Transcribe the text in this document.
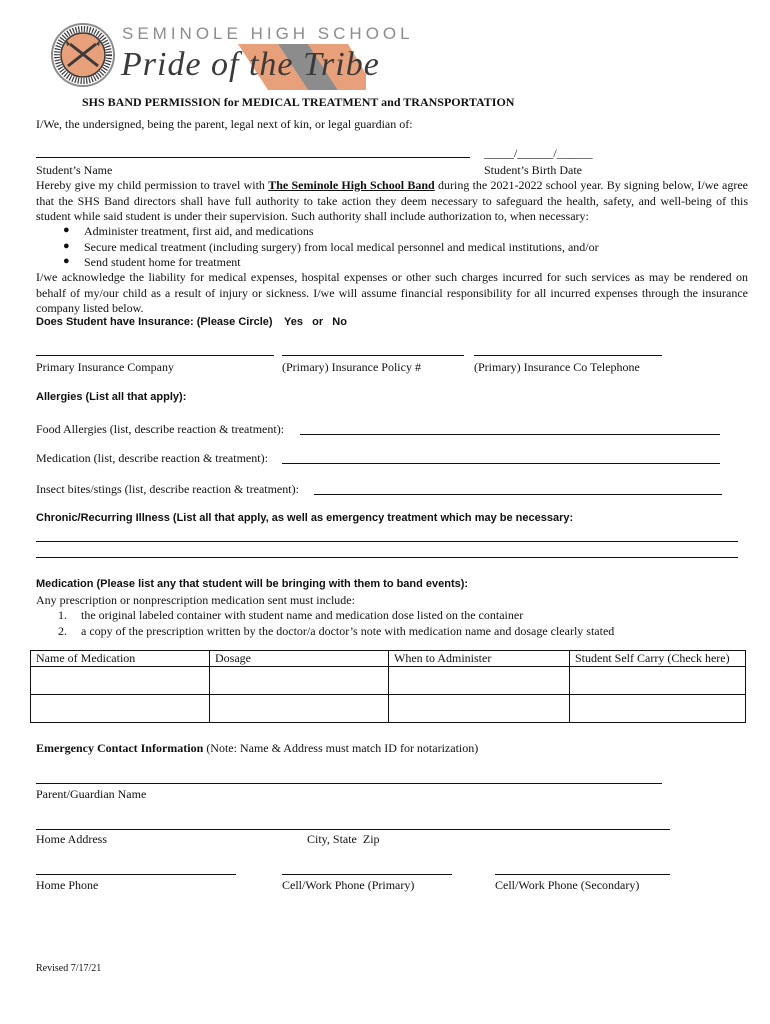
SEMINOLE HIGH SCHOOL
Pride of the Tribe
SHS BAND PERMISSION for MEDICAL TREATMENT and TRANSPORTATION
I/We, the undersigned, being the parent, legal next of kin, or legal guardian of:
_____/______/______
Student’s Name	Student’s Birth Date
Hereby give my child permission to travel with The Seminole High School Band during the 2021-2022 school year. By signing below, I/we agree that the SHS Band directors shall have full authority to take action they deem necessary to safeguard the health, safety, and well-being of this student while said student is under their supervision. Such authority shall include authorization to, when necessary:
● Administer treatment, first aid, and medications
● Secure medical treatment (including surgery) from local medical personnel and medical institutions, and/or
● Send student home for treatment
I/we acknowledge the liability for medical expenses, hospital expenses or other such charges incurred for such services as may be rendered on behalf of my/our child as a result of injury or sickness. I/we will assume financial responsibility for all incurred expenses through the insurance company listed below.
Does Student have Insurance: (Please Circle) Yes   or   No
Primary Insurance Company	(Primary) Insurance Policy #	(Primary) Insurance Co Telephone
Allergies (List all that apply):
Food Allergies (list, describe reaction & treatment):
Medication (list, describe reaction & treatment):
Insect bites/stings (list, describe reaction & treatment):
Chronic/Recurring Illness (List all that apply, as well as emergency treatment which may be necessary:
Medication (Please list any that student will be bringing with them to band events):
Any prescription or nonprescription medication sent must include:
1. the original labeled container with student name and medication dose listed on the container
2. a copy of the prescription written by the doctor/a doctor’s note with medication name and dosage clearly stated
Name of Medication	Dosage	When to Administer	Student Self Carry (Check here)

Emergency Contact Information (Note: Name & Address must match ID for notarization)
Parent/Guardian Name
Home Address	City, State  Zip
Home Phone	Cell/Work Phone (Primary)	Cell/Work Phone (Secondary)
Revised 7/17/21
